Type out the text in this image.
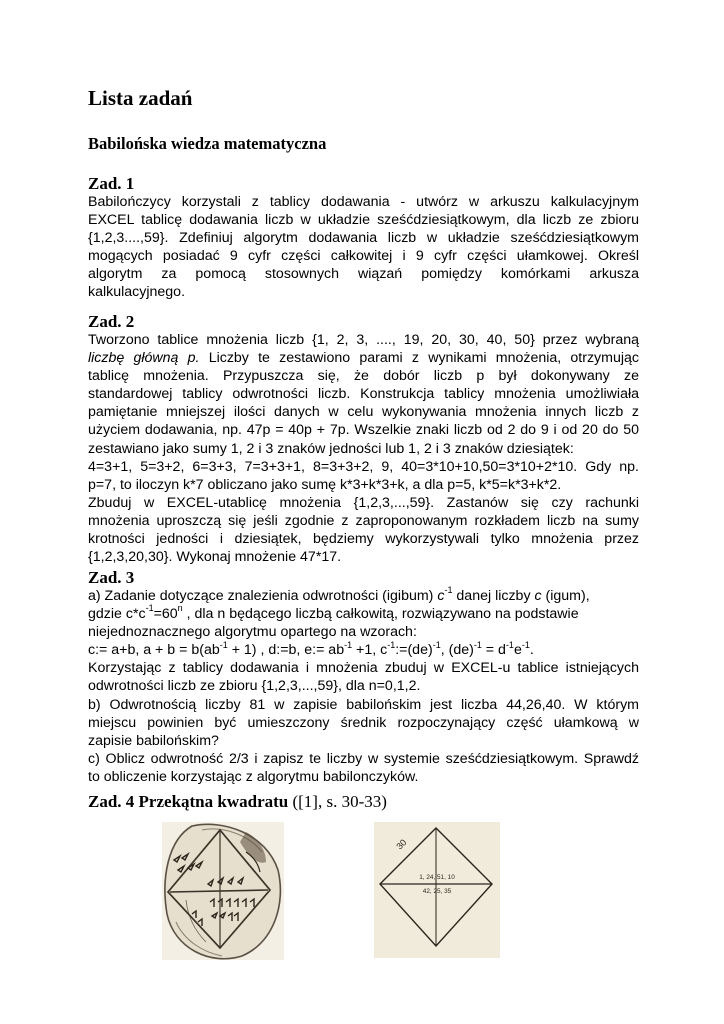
Lista zadań
Babilońska wiedza matematyczna
Zad. 1
Babilończycy korzystali z tablicy dodawania - utwórz w arkuszu kalkulacyjnym
EXCEL tablicę dodawania liczb w układzie sześćdziesiątkowym, dla liczb ze zbioru
{1,2,3....,59}. Zdefiniuj algorytm dodawania liczb w układzie sześćdziesiątkowym
mogących posiadać 9 cyfr części całkowitej i 9 cyfr części ułamkowej. Określ
algorytm za pomocą stosownych wiązań pomiędzy komórkami arkusza
kalkulacyjnego.
Zad. 2
Tworzono tablice mnożenia liczb {1, 2, 3, ...., 19, 20, 30, 40, 50} przez wybraną
liczbę główną p. Liczby te zestawiono parami z wynikami mnożenia, otrzymując
tablicę mnożenia. Przypuszcza się, że dobór liczb p był dokonywany ze
standardowej tablicy odwrotności liczb. Konstrukcja tablicy mnożenia umożliwiała
pamiętanie mniejszej ilości danych w celu wykonywania mnożenia innych liczb z
użyciem dodawania, np. 47p = 40p + 7p. Wszelkie znaki liczb od 2 do 9 i od 20 do 50
zestawiano jako sumy 1, 2 i 3 znaków jedności lub 1, 2 i 3 znaków dziesiątek:
4=3+1, 5=3+2, 6=3+3, 7=3+3+1, 8=3+3+2, 9, 40=3*10+10,50=3*10+2*10. Gdy np.
p=7, to iloczyn k*7 obliczano jako sumę k*3+k*3+k, a dla p=5, k*5=k*3+k*2.
Zbuduj w EXCEL-utablicę mnożenia {1,2,3,...,59}. Zastanów się czy rachunki
mnożenia uproszczą się jeśli zgodnie z zaproponowanym rozkładem liczb na sumy
krotności jedności i dziesiątek, będziemy wykorzystywali tylko mnożenia przez
{1,2,3,20,30}. Wykonaj mnożenie 47*17.
Zad. 3
a) Zadanie dotyczące znalezienia odwrotności (igibum) $c^{-1}$ danej liczby c (igum),
gdzie $c*c^{-1}=60^n$ , dla n będącego liczbą całkowitą, rozwiązywano na podstawie
niejednoznacznego algorytmu opartego na wzorach:
c:= a+b, $a + b = b(ab^{-1} + 1)$ , d:=b, e:= $ab^{-1} +1$, $c^{-1}:=(de)^{-1}$, $(de)^{-1} = d^{-1}e^{-1}$.
Korzystając z tablicy dodawania i mnożenia zbuduj w EXCEL-u tablice istniejących
odwrotności liczb ze zbioru {1,2,3,...,59}, dla n=0,1,2.
b) Odwrotnością liczby 81 w zapisie babilońskim jest liczba 44,26,40. W którym
miejscu powinien być umieszczony średnik rozpoczynający część ułamkową w
zapisie babilońskim?
c) Oblicz odwrotność 2/3 i zapisz te liczby w systemie sześćdziesiątkowym. Sprawdź
to obliczenie korzystając z algorytmu babilonczyków.
Zad. 4 Przekątna kwadratu ([1], s. 30-33)
30
1, 24, 51, 10
42, 25, 35
